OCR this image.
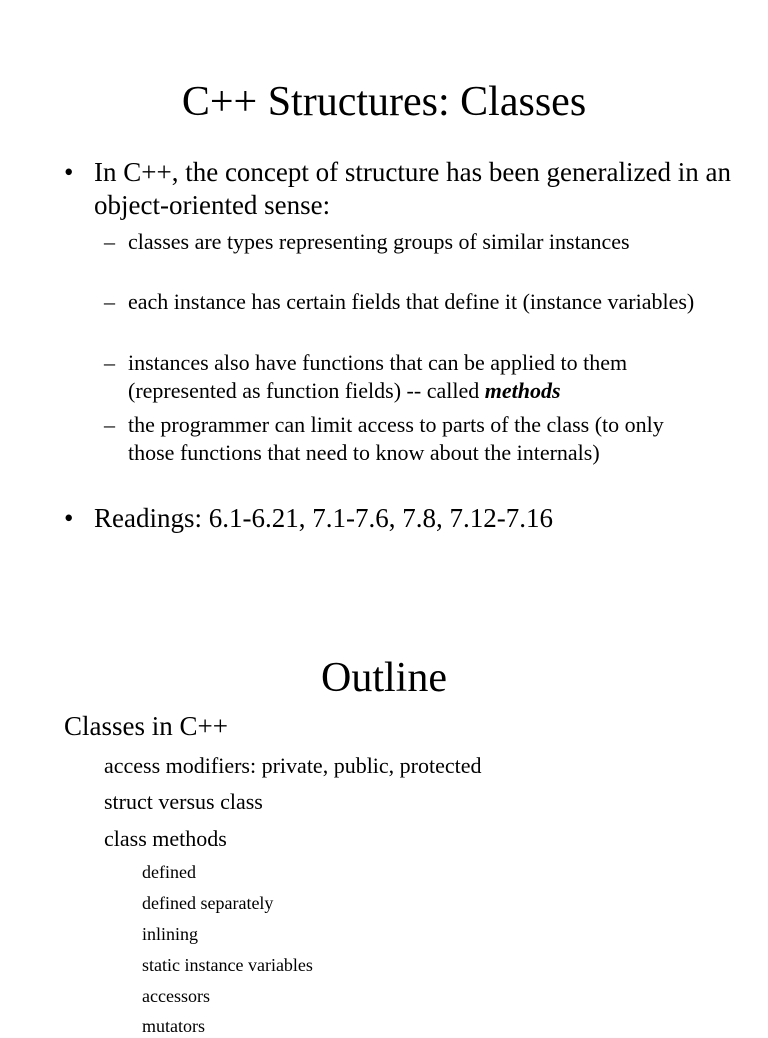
C++ Structures: Classes
• In C++, the concept of structure has been generalized in an object-oriented sense:
– classes are types representing groups of similar instances
– each instance has certain fields that define it (instance variables)
– instances also have functions that can be applied to them (represented as function fields) -- called methods
– the programmer can limit access to parts of the class (to only those functions that need to know about the internals)
• Readings: 6.1-6.21, 7.1-7.6, 7.8, 7.12-7.16
Outline
Classes in C++
access modifiers: private, public, protected
struct versus class
class methods
defined
defined separately
inlining
static instance variables
accessors
mutators
